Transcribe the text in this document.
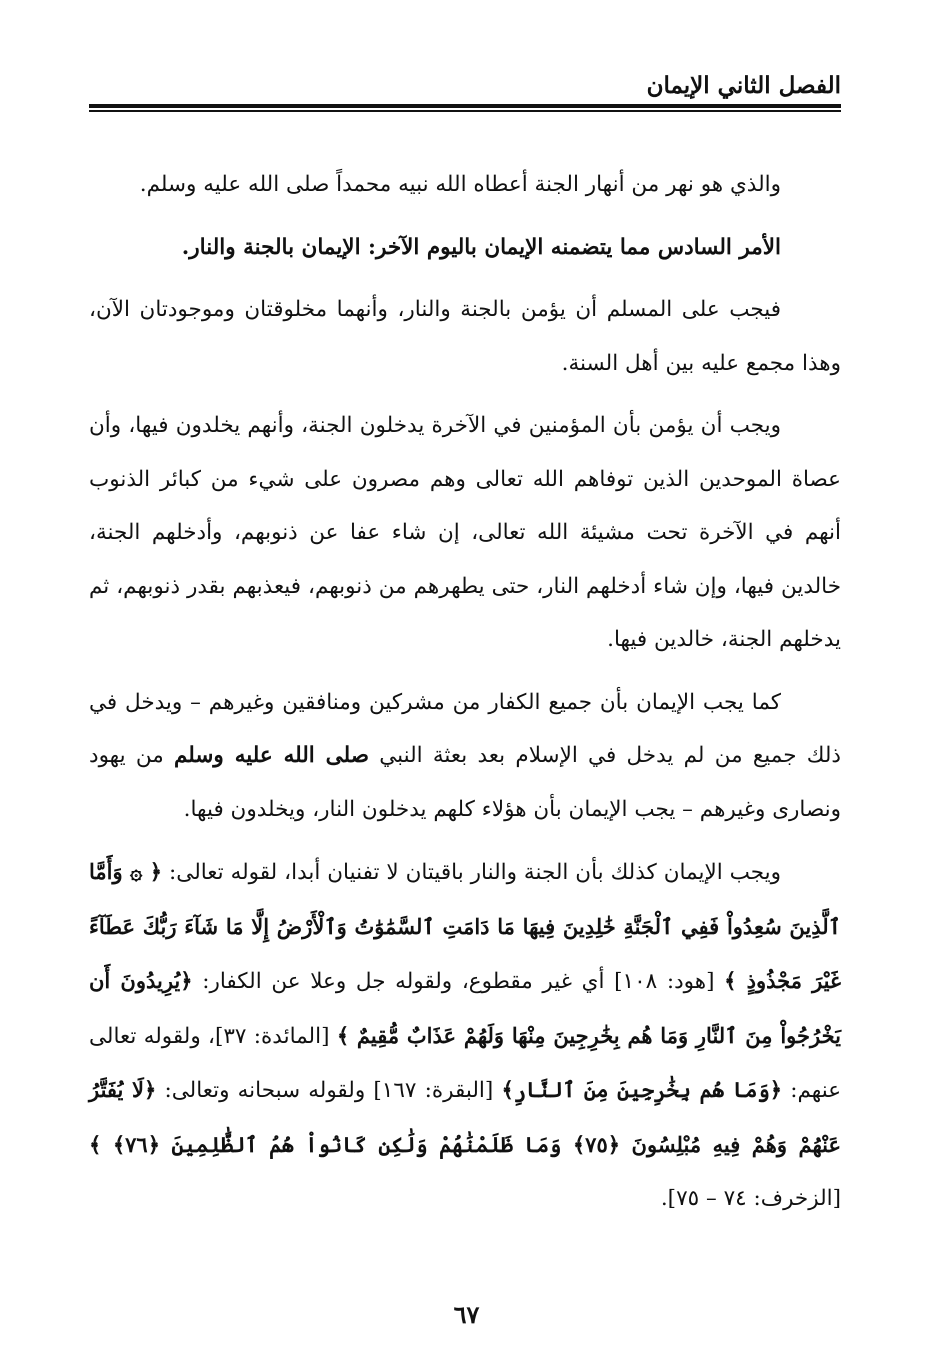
الفصل الثاني الإيمان

والذي هو نهر من أنهار الجنة أعطاه الله نبيه محمداً صلى الله عليه وسلم.

الأمر السادس مما يتضمنه الإيمان باليوم الآخر: الإيمان بالجنة والنار.

فيجب على المسلم أن يؤمن بالجنة والنار، وأنهما مخلوقتان وموجودتان الآن، وهذا مجمع عليه بين أهل السنة.

ويجب أن يؤمن بأن المؤمنين في الآخرة يدخلون الجنة، وأنهم يخلدون فيها، وأن عصاة الموحدين الذين توفاهم الله تعالى وهم مصرون على شيء من كبائر الذنوب أنهم في الآخرة تحت مشيئة الله تعالى، إن شاء عفا عن ذنوبهم، وأدخلهم الجنة، خالدين فيها، وإن شاء أدخلهم النار، حتى يطهرهم من ذنوبهم، فيعذبهم بقدر ذنوبهم، ثم يدخلهم الجنة، خالدين فيها.

كما يجب الإيمان بأن جميع الكفار من مشركين ومنافقين وغيرهم – ويدخل في ذلك جميع من لم يدخل في الإسلام بعد بعثة النبي صلى الله عليه وسلم من يهود ونصارى وغيرهم – يجب الإيمان بأن هؤلاء كلهم يدخلون النار، ويخلدون فيها.

ويجب الإيمان كذلك بأن الجنة والنار باقيتان لا تفنيان أبدا، لقوله تعالى: ﴿ ۞ وَأَمَّا ٱلَّذِينَ سُعِدُواْ فَفِي ٱلْجَنَّةِ خَٰلِدِينَ فِيهَا مَا دَامَتِ ٱلسَّمَٰوَٰتُ وَٱلْأَرْضُ إِلَّا مَا شَآءَ رَبُّكَ عَطَآءً غَيْرَ مَجْذُوذٍ ﴾ [هود: ١٠٨] أي غير مقطوع، ولقوله جل وعلا عن الكفار: ﴿يُرِيدُونَ أَن يَخْرُجُواْ مِنَ ٱلنَّارِ وَمَا هُم بِخَٰرِجِينَ مِنْهَا وَلَهُمْ عَذَابٌ مُّقِيمٌ ﴾ [المائدة: ٣٧]، ولقوله تعالى عنهم: ﴿وَمَا هُم بِخَٰرِجِينَ مِنَ ٱلنَّارِ﴾ [البقرة: ١٦٧] ولقوله سبحانه وتعالى: ﴿لَا يُفَتَّرُ عَنْهُمْ وَهُمْ فِيهِ مُبْلِسُونَ ﴿٧٥﴾ وَمَا ظَلَمْنَٰهُمْ وَلَٰكِن كَانُواْ هُمُ ٱلظَّٰلِمِينَ ﴿٧٦﴾ ﴾ [الزخرف: ٧٤ – ٧٥].

٦٧
